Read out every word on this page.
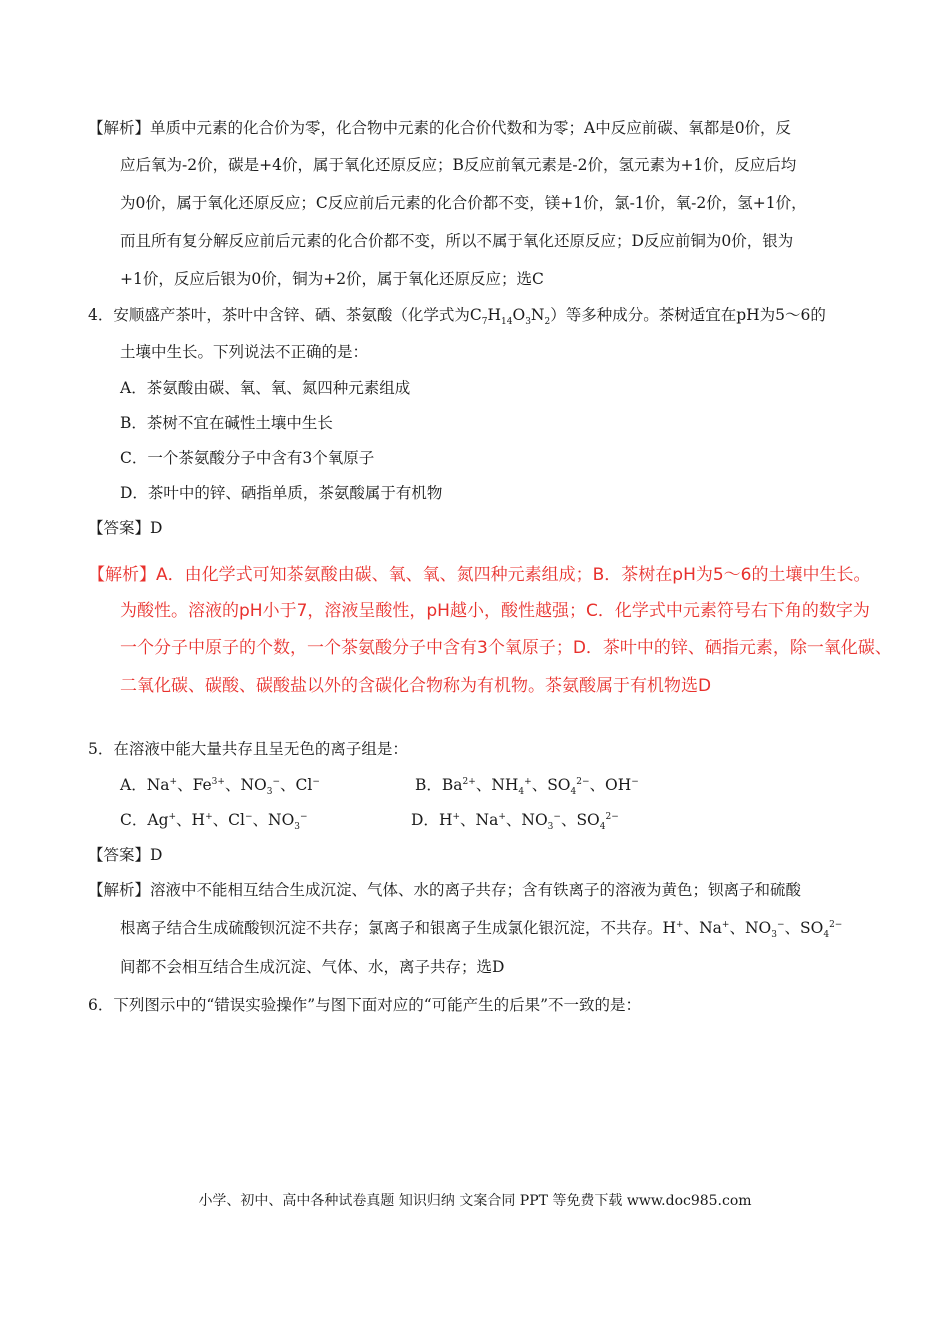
【解析】单质中元素的化合价为零，化合物中元素的化合价代数和为零；A中反应前碳、氧都是0价，反
应后氧为-2价，碳是+4价，属于氧化还原反应；B反应前氧元素是-2价，氢元素为+1价，反应后均
为0价，属于氧化还原反应；C反应前后元素的化合价都不变，镁+1价，氯-1价，氧-2价，氢+1价，
而且所有复分解反应前后元素的化合价都不变，所以不属于氧化还原反应；D反应前铜为0价，银为
+1价，反应后银为0价，铜为+2价，属于氧化还原反应；选C
4．安顺盛产茶叶，茶叶中含锌、硒、茶氨酸（化学式为$C_7H_{14}O_3N_2$）等多种成分。茶树适宜在pH为5～6的
土壤中生长。下列说法不正确的是：
A．茶氨酸由碳、氧、氧、氮四种元素组成
B．茶树不宜在碱性土壤中生长
C．一个茶氨酸分子中含有3个氧原子
D．茶叶中的锌、硒指单质，茶氨酸属于有机物
【答案】D
【解析】A．由化学式可知茶氨酸由碳、氧、氧、氮四种元素组成；B．茶树在pH为5～6的土壤中生长。
为酸性。溶液的pH小于7，溶液呈酸性，pH越小，酸性越强；C．化学式中元素符号右下角的数字为
一个分子中原子的个数，一个茶氨酸分子中含有3个氧原子；D．茶叶中的锌、硒指元素，除一氧化碳、
二氧化碳、碳酸、碳酸盐以外的含碳化合物称为有机物。茶氨酸属于有机物选D
5．在溶液中能大量共存且呈无色的离子组是：
A．Na+、$Fe^{3+}$、$NO_3^-$、Cl−	B．$Ba^{2+}$、$NH_4^+$、$SO_4^{2-}$、OH−
C．Ag+、H+、Cl−、$NO_3^-$	D．H+、Na+、$NO_3^-$、$SO_4^{2-}$
【答案】D
【解析】溶液中不能相互结合生成沉淀、气体、水的离子共存；含有铁离子的溶液为黄色；钡离子和硫酸
根离子结合生成硫酸钡沉淀不共存；氯离子和银离子生成氯化银沉淀，不共存。H+、Na+、$NO_3^-$、$SO_4^{2-}$
间都不会相互结合生成沉淀、气体、水，离子共存；选D
6．下列图示中的“错误实验操作”与图下面对应的“可能产生的后果”不一致的是：
小学、初中、高中各种试卷真题 知识归纳 文案合同 PPT 等免费下载 www.doc985.com
